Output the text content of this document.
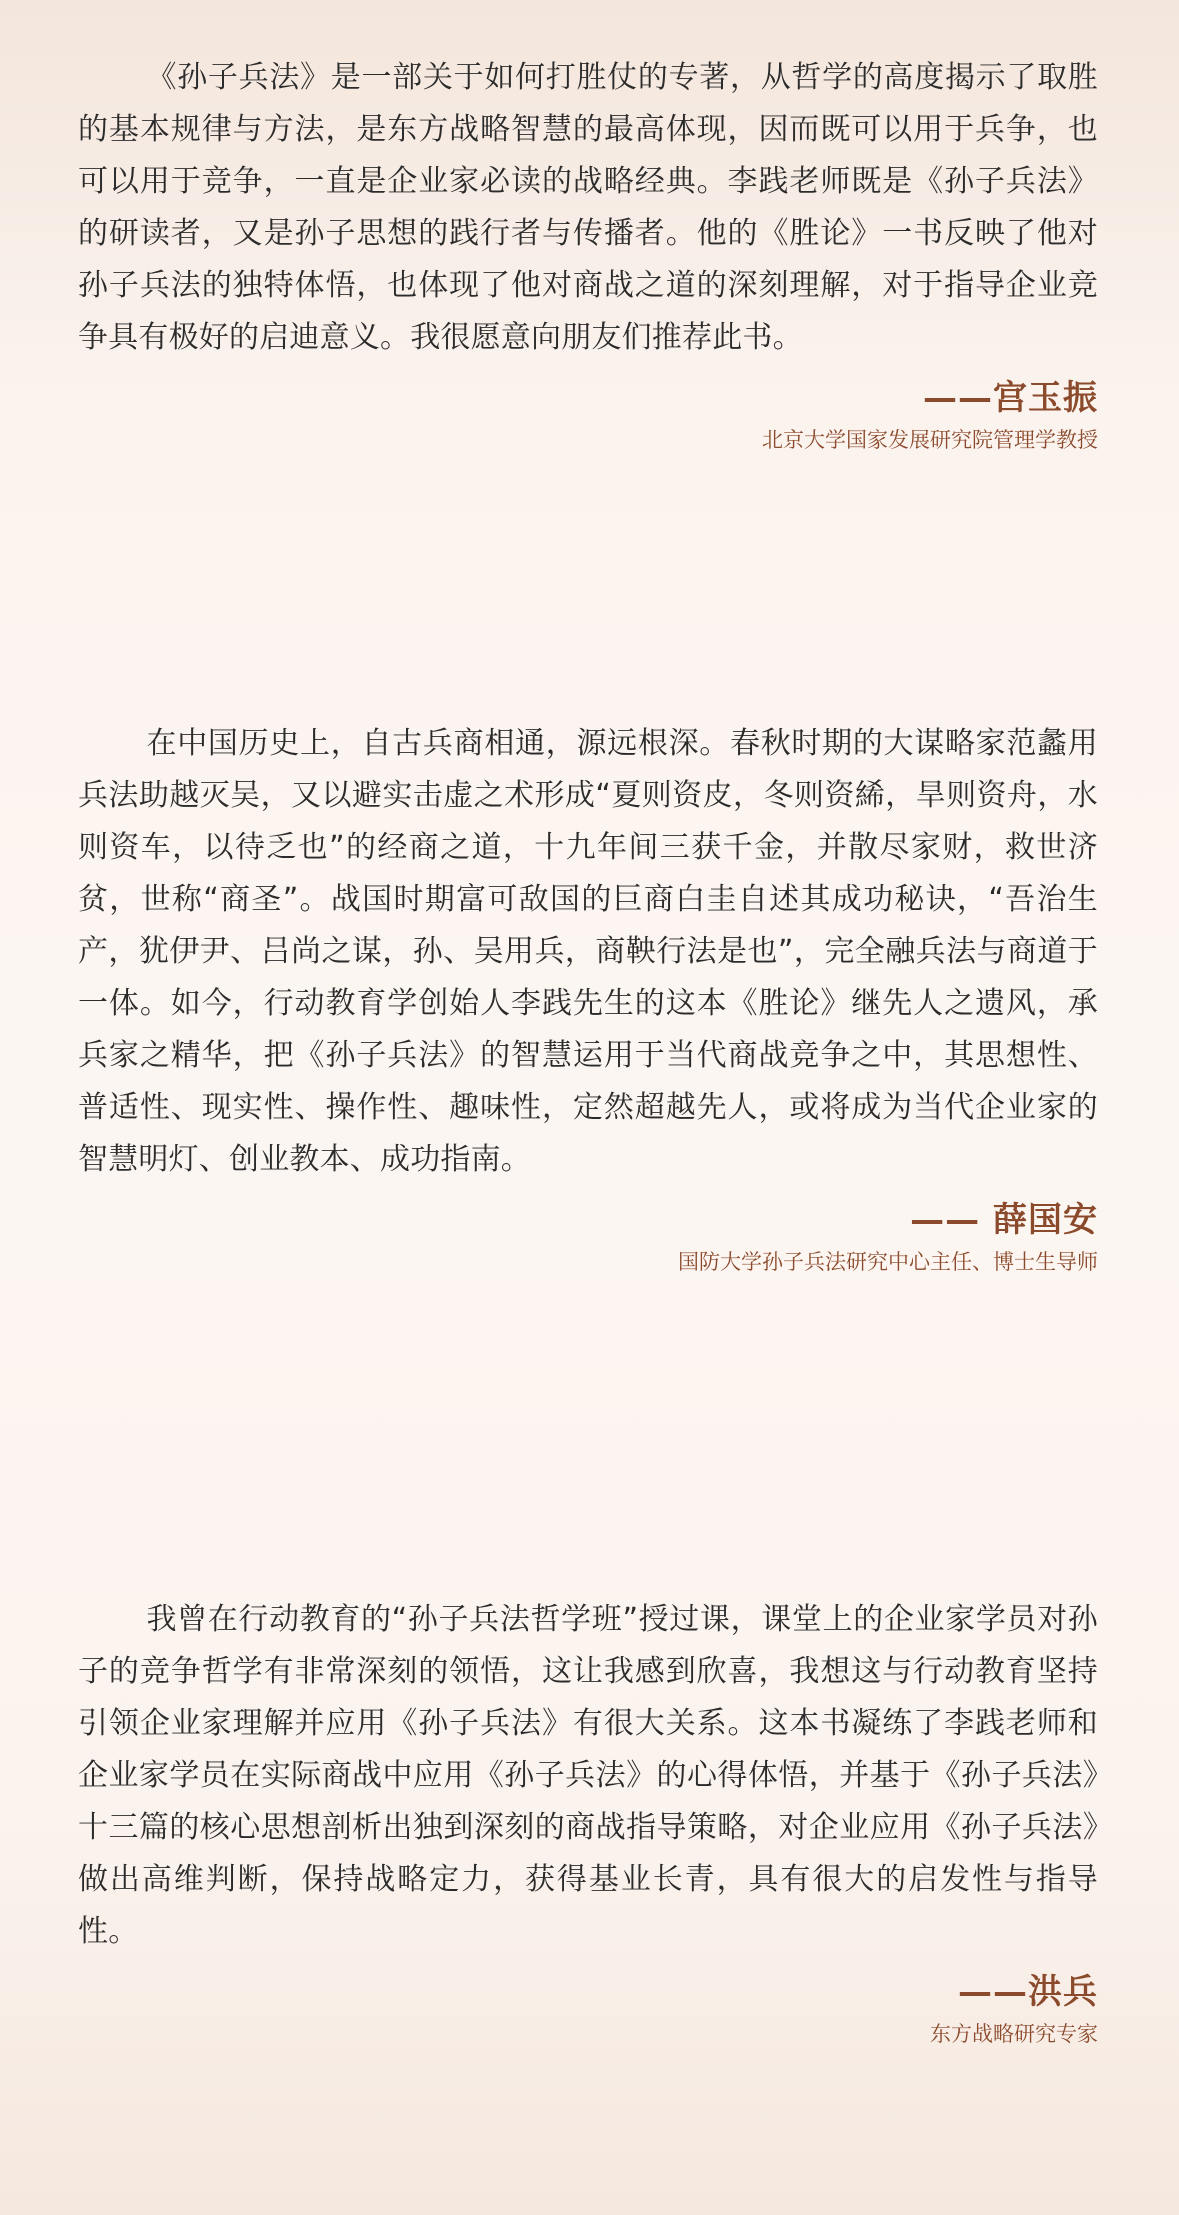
《孙子兵法》是一部关于如何打胜仗的专著，从哲学的高度揭示了取胜的基本规律与方法，是东方战略智慧的最高体现，因而既可以用于兵争，也可以用于竞争，一直是企业家必读的战略经典。李践老师既是《孙子兵法》的研读者，又是孙子思想的践行者与传播者。他的《胜论》一书反映了他对孙子兵法的独特体悟，也体现了他对商战之道的深刻理解，对于指导企业竞争具有极好的启迪意义。我很愿意向朋友们推荐此书。

——宫玉振
北京大学国家发展研究院管理学教授

在中国历史上，自古兵商相通，源远根深。春秋时期的大谋略家范蠡用兵法助越灭吴，又以避实击虚之术形成“夏则资皮，冬则资絺，旱则资舟，水则资车，以待乏也”的经商之道，十九年间三获千金，并散尽家财，救世济贫，世称“商圣”。战国时期富可敌国的巨商白圭自述其成功秘诀，“吾治生产，犹伊尹、吕尚之谋，孙、吴用兵，商鞅行法是也”，完全融兵法与商道于一体。如今，行动教育学创始人李践先生的这本《胜论》继先人之遗风，承兵家之精华，把《孙子兵法》的智慧运用于当代商战竞争之中，其思想性、普适性、现实性、操作性、趣味性，定然超越先人，或将成为当代企业家的智慧明灯、创业教本、成功指南。

—— 薛国安
国防大学孙子兵法研究中心主任、博士生导师

我曾在行动教育的“孙子兵法哲学班”授过课，课堂上的企业家学员对孙子的竞争哲学有非常深刻的领悟，这让我感到欣喜，我想这与行动教育坚持引领企业家理解并应用《孙子兵法》有很大关系。这本书凝练了李践老师和企业家学员在实际商战中应用《孙子兵法》的心得体悟，并基于《孙子兵法》十三篇的核心思想剖析出独到深刻的商战指导策略，对企业应用《孙子兵法》做出高维判断，保持战略定力，获得基业长青，具有很大的启发性与指导性。

——洪兵
东方战略研究专家
